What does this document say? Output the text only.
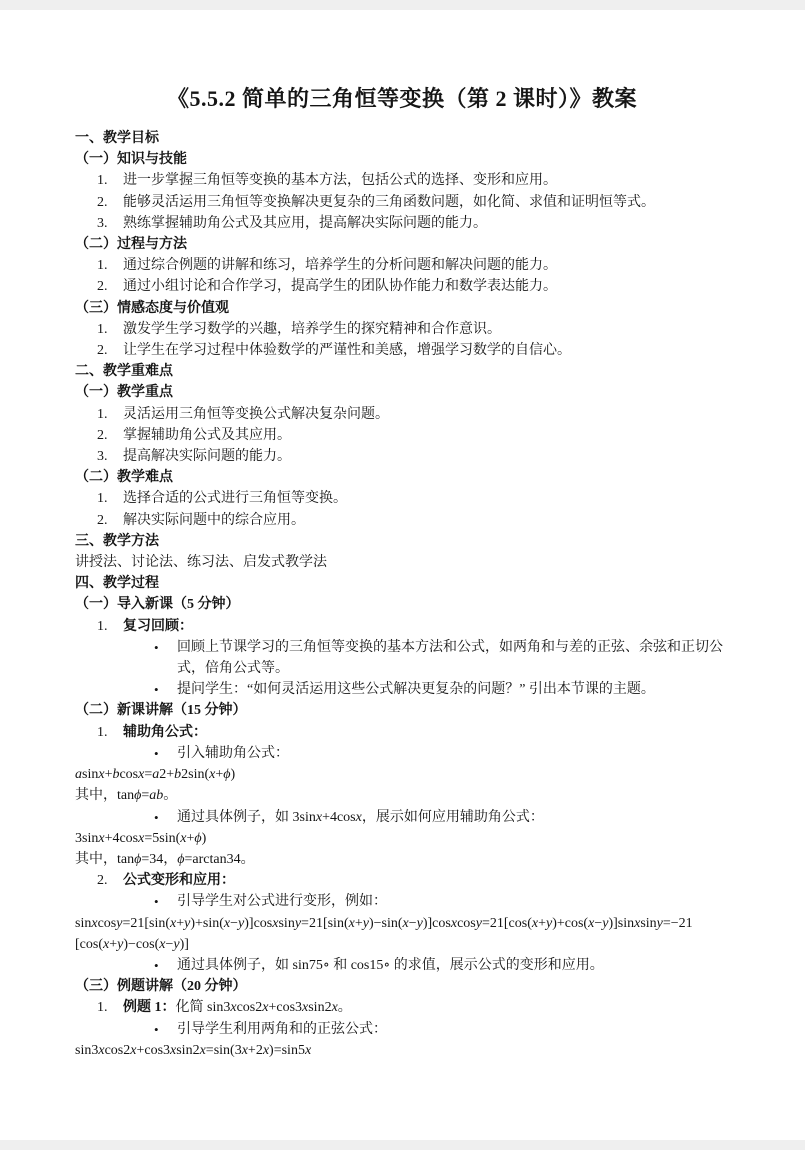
《5.5.2 简单的三角恒等变换（第 2 课时）》教案
一、教学目标
（一）知识与技能
1.	进一步掌握三角恒等变换的基本方法，包括公式的选择、变形和应用。
2.	能够灵活运用三角恒等变换解决更复杂的三角函数问题，如化简、求值和证明恒等式。
3.	熟练掌握辅助角公式及其应用，提高解决实际问题的能力。
（二）过程与方法
1.	通过综合例题的讲解和练习，培养学生的分析问题和解决问题的能力。
2.	通过小组讨论和合作学习，提高学生的团队协作能力和数学表达能力。
（三）情感态度与价值观
1.	激发学生学习数学的兴趣，培养学生的探究精神和合作意识。
2.	让学生在学习过程中体验数学的严谨性和美感，增强学习数学的自信心。
二、教学重难点
（一）教学重点
1.	灵活运用三角恒等变换公式解决复杂问题。
2.	掌握辅助角公式及其应用。
3.	提高解决实际问题的能力。
（二）教学难点
1.	选择合适的公式进行三角恒等变换。
2.	解决实际问题中的综合应用。
三、教学方法
讲授法、讨论法、练习法、启发式教学法
四、教学过程
（一）导入新课（5 分钟）
1.	复习回顾：
• 回顾上节课学习的三角恒等变换的基本方法和公式，如两角和与差的正弦、余弦和正切公式，倍角公式等。
• 提问学生：“如何灵活运用这些公式解决更复杂的问题？” 引出本节课的主题。
（二）新课讲解（15 分钟）
1.	辅助角公式：
• 引入辅助角公式：
asinx+bcosx=a2+b2sin(x+ϕ)
其中，tanϕ=ab。
• 通过具体例子，如 3sinx+4cosx，展示如何应用辅助角公式：
3sinx+4cosx=5sin(x+ϕ)
其中，tanϕ=34，ϕ=arctan34。
2.	公式变形和应用：
• 引导学生对公式进行变形，例如：
sinxcosy=21[sin(x+y)+sin(x−y)]cosxsiny=21[sin(x+y)−sin(x−y)]cosxcosy=21[cos(x+y)+cos(x−y)]sinxsiny=−21
[cos(x+y)−cos(x−y)]
• 通过具体例子，如 sin75∘ 和 cos15∘ 的求值，展示公式的变形和应用。
（三）例题讲解（20 分钟）
1.	例题 1：化简 sin3xcos2x+cos3xsin2x。
• 引导学生利用两角和的正弦公式：
sin3xcos2x+cos3xsin2x=sin(3x+2x)=sin5x
